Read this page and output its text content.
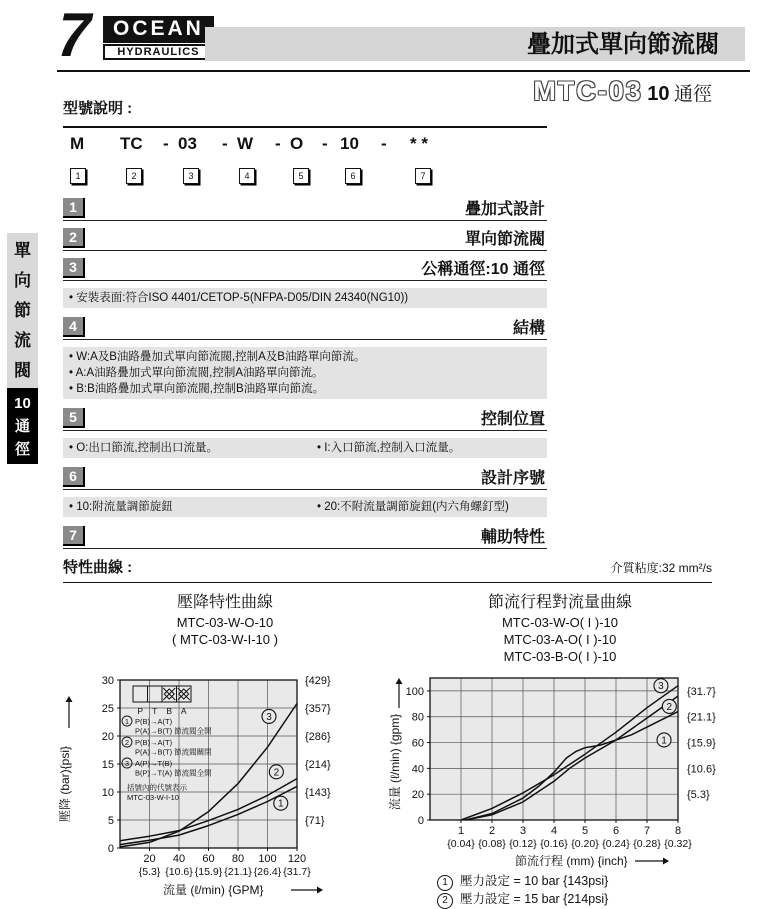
7 OCEAN
HYDRAULICS	疊加式單向節流閥
MTC-03 10 通徑
單
向
節
流
閥
10
通
徑
型號說明 :
M TC - 03 - W - O - 10 - * *
1	2	3	4	5	6	7
1	疊加式設計
2	單向節流閥
3	公稱通徑:10 通徑
• 安裝表面:符合ISO 4401/CETOP-5(NFPA-D05/DIN 24340(NG10))
4	結構
• W:A及B油路疊加式單向節流閥,控制A及B油路單向節流。
• A:A油路疊加式單向節流閥,控制A油路單向節流。
• B:B油路疊加式單向節流閥,控制B油路單向節流。
5	控制位置
• O:出口節流,控制出口流量。	• I:入口節流,控制入口流量。
6	設計序號
• 10:附流量調節旋鈕	• 20:不附流量調節旋鈕(内六角螺釘型)
7	輔助特性
特性曲線 :	介質粘度:32 mm²/s
壓降特性曲線
MTC-03-W-O-10
( MTC-03-W-I-10 )
節流行程對流量曲線
MTC-03-W-O( I )-10
MTC-03-A-O( I )-10
MTC-03-B-O( I )-10
0
5
10
15
20
25
30
{71}
{143}
{214}
{286}
{357}
{429}
20
{5.3}
40
{10.6}
60
{15.9}
80
{21.1}
100
{26.4}
120
{31.7}
1
2
3
壓降 (bar){psi}
流量 (ℓ/min) {GPM}
P T B A
1 P(B)→A(T)
P(A)→B(T) 節流閥全開
2 P(B)→A(T)
P(A)→B(T) 節流閥關閉
3 A(P)→T(B)
B(P)→T(A) 節流閥全開
括號內的代號表示
MTC-03-W-I-10
0
20
40
60
80
100
{5.3}
{10.6}
{15.9}
{21.1}
{31.7}
1
{0.04}
2
{0.08}
3
{0.12}
4
{0.16}
5
{0.20}
6
{0.24}
7
{0.28}
8
{0.32}
1
2
3
流量 (ℓ/min) {gpm}
節流行程 (mm) {inch}
1 壓力設定 = 10 bar {143psi}
2 壓力設定 = 15 bar {214psi}
